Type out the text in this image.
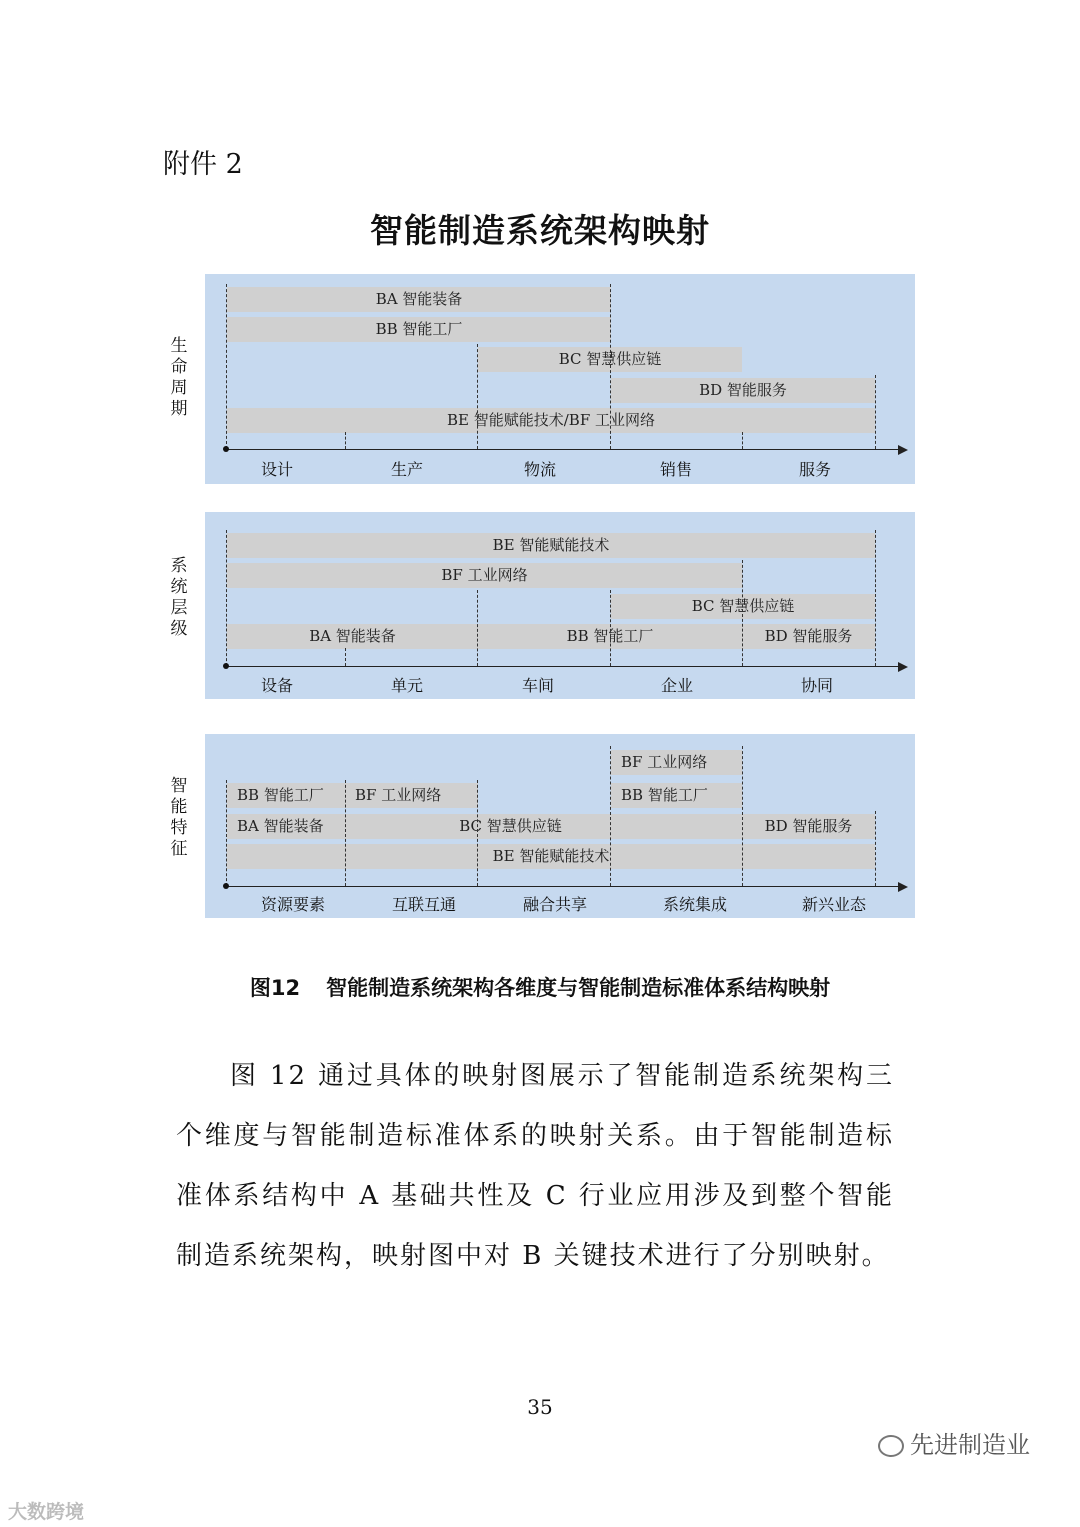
附件 2
智能制造系统架构映射
生
命
周
期
BA 智能装备
BB 智能工厂
BC 智慧供应链
BD 智能服务
BE 智能赋能技术/BF 工业网络
设计	生产	物流	销售	服务
系
统
层
级
BE 智能赋能技术
BF 工业网络
BC 智慧供应链
BA 智能装备	BB 智能工厂	BD 智能服务
设备	单元	车间	企业	协同
智
能
特
征
BF 工业网络
BB 智能工厂	BF 工业网络	BB 智能工厂
BA 智能装备	BC 智慧供应链	BD 智能服务
BE 智能赋能技术
资源要素	互联互通	融合共享	系统集成	新兴业态
图12 智能制造系统架构各维度与智能制造标准体系结构映射
图 12 通过具体的映射图展示了智能制造系统架构三个维度与智能制造标准体系的映射关系。由于智能制造标准体系结构中 A 基础共性及 C 行业应用涉及到整个智能制造系统架构，映射图中对 B 关键技术进行了分别映射。
35
先进制造业
大数跨境
